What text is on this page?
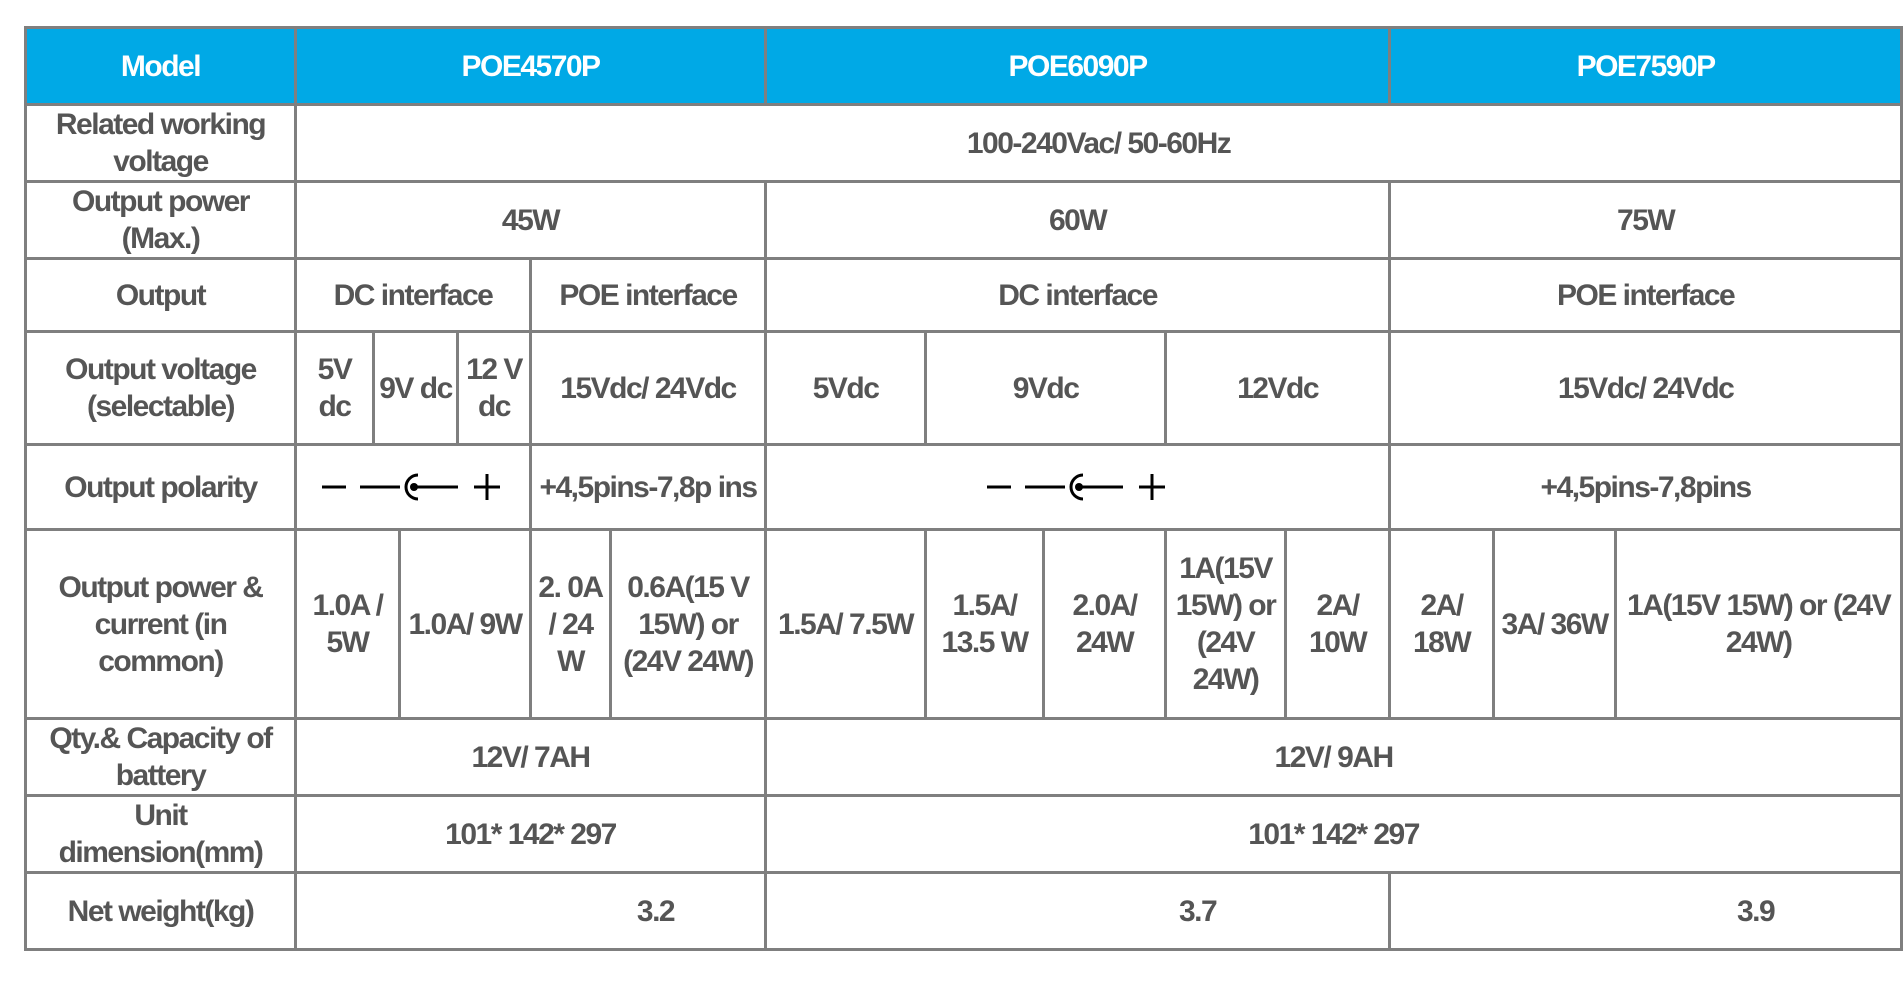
Model	POE4570P						POE6090P					POE7590P		
Related working voltage	100-240Vac/ 50-60Hz													
Output power (Max.)	45W						60W					75W		
Output	DC interface				POE interface		DC interface					POE interface		
Output voltage (selectable)	5V dc	9V dc		12 V dc	15Vdc/ 24Vdc		5Vdc	9Vdc		12Vdc		15Vdc/ 24Vdc		
Output polarity					+4,5pins-7,8p ins							+4,5pins-7,8pins		
Output power & current (in common)	1.0A / 5W		1.0A/ 9W		2. 0A / 24 W	0.6A(15 V 15W) or (24V 24W)	1.5A/ 7.5W	1.5A/ 13.5 W	2.0A/ 24W	1A(15V 15W) or (24V 24W)	2A/ 10W	2A/ 18W	3A/ 36W	1A(15V 15W) or (24V 24W)
Qty.& Capacity of battery	12V/ 7AH						12V/ 9AH							
Unit dimension(mm)	101* 142* 297						101* 142* 297							
Net weight(kg)	3.2						3.7					3.9		
